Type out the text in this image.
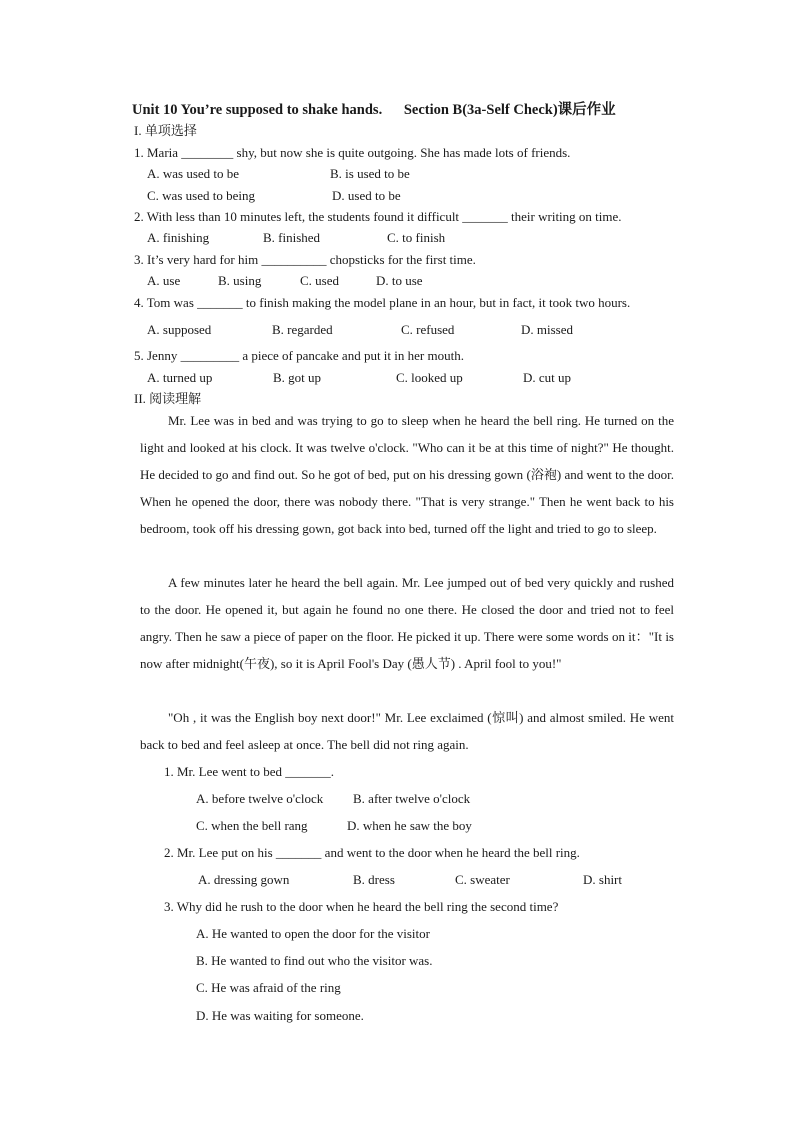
Unit 10 You’re supposed to shake hands. Section B(3a-Self Check)课后作业
I. 单项选择
1. Maria ________ shy, but now she is quite outgoing. She has made lots of friends.
A. was used to be	B. is used to be
C. was used to being	D. used to be
2. With less than 10 minutes left, the students found it difficult _______ their writing on time.
A. finishing	B. finished	C. to finish
3. It’s very hard for him __________ chopsticks for the first time.
A. use	B. using	C. used	D. to use
4. Tom was _______ to finish making the model plane in an hour, but in fact, it took two hours.
A. supposed	B. regarded	C. refused	D. missed
5. Jenny _________ a piece of pancake and put it in her mouth.
A. turned up	B. got up	C. looked up	D. cut up
II. 阅读理解
Mr. Lee was in bed and was trying to go to sleep when he heard the bell ring. He turned on the light and looked at his clock. It was twelve o'clock. "Who can it be at this time of night?" He thought. He decided to go and find out. So he got of bed, put on his dressing gown (浴袍) and went to the door. When he opened the door, there was nobody there. "That is very strange." Then he went back to his bedroom, took off his dressing gown, got back into bed, turned off the light and tried to go to sleep.
A few minutes later he heard the bell again. Mr. Lee jumped out of bed very quickly and rushed to the door. He opened it, but again he found no one there. He closed the door and tried not to feel angry. Then he saw a piece of paper on the floor. He picked it up. There were some words on it："It is now after midnight(午夜), so it is April Fool's Day (愚人节) . April fool to you!"
"Oh , it was the English boy next door!" Mr. Lee exclaimed (惊叫) and almost smiled. He went back to bed and feel asleep at once. The bell did not ring again.
1. Mr. Lee went to bed _______.
A. before twelve o'clock B. after twelve o'clock
C. when the bell rang	D. when he saw the boy
2. Mr. Lee put on his _______ and went to the door when he heard the bell ring.
A. dressing gown	B. dress	C. sweater	D. shirt
3. Why did he rush to the door when he heard the bell ring the second time?
A. He wanted to open the door for the visitor
B. He wanted to find out who the visitor was.
C. He was afraid of the ring
D. He was waiting for someone.
